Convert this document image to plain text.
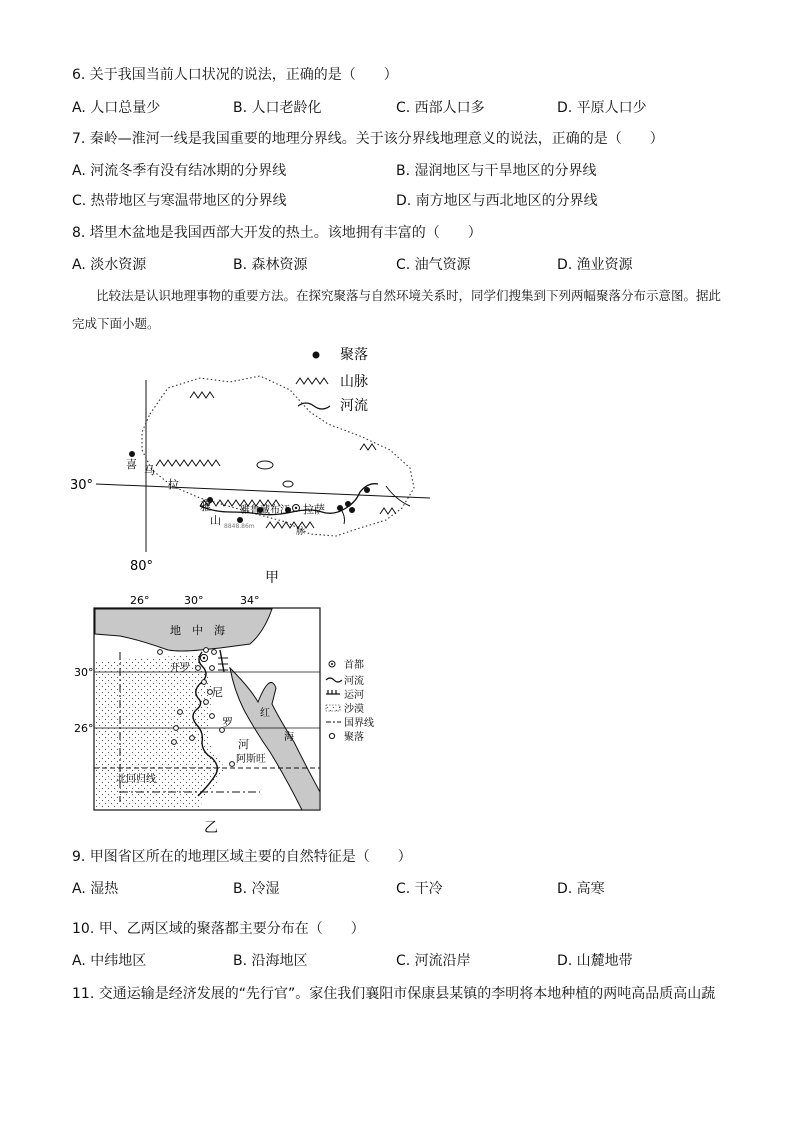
6. 关于我国当前人口状况的说法，正确的是（　　）
A. 人口总量少	B. 人口老龄化	C. 西部人口多	D. 平原人口少
7. 秦岭—淮河一线是我国重要的地理分界线。关于该分界线地理意义的说法，正确的是（　　）
A. 河流冬季有没有结冰期的分界线	B. 湿润地区与干旱地区的分界线
C. 热带地区与寒温带地区的分界线	D. 南方地区与西北地区的分界线
8. 塔里木盆地是我国西部大开发的热土。该地拥有丰富的（　　）
A. 淡水资源	B. 森林资源	C. 油气资源	D. 渔业资源
比较法是认识地理事物的重要方法。在探究聚落与自然环境关系时，同学们搜集到下列两幅聚落分布示意图。据此完成下面小题。
聚落
山脉
河流
30°
80°
喜 马
拉
雅
山
脉
雅鲁藏布江 拉萨
8848.86m
甲
26°	30°	34°
地 中 海
红
海
30°
26°
北回归线
开罗
尼
罗
河
阿斯旺
首都
河流
运河
沙漠
国界线
聚落
乙
9. 甲图省区所在的地理区域主要的自然特征是（　　）
A. 湿热	B. 冷湿	C. 干冷	D. 高寒
10. 甲、乙两区域的聚落都主要分布在（　　）
A. 中纬地区	B. 沿海地区	C. 河流沿岸	D. 山麓地带
11. 交通运输是经济发展的“先行官”。家住我们襄阳市保康县某镇的李明将本地种植的两吨高品质高山蔬
